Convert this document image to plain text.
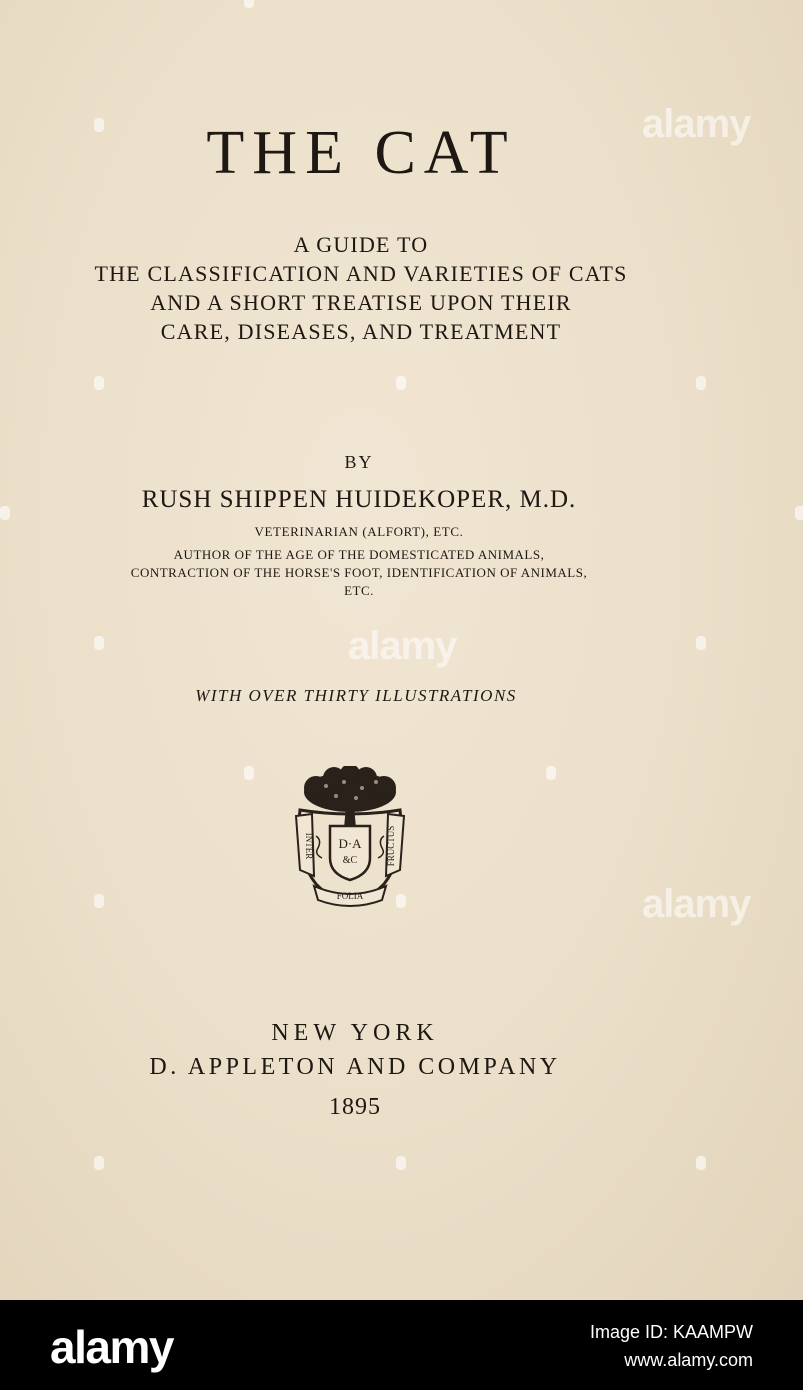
THE CAT
A GUIDE TO
THE CLASSIFICATION AND VARIETIES OF CATS
AND A SHORT TREATISE UPON THEIR
CARE, DISEASES, AND TREATMENT
BY
RUSH SHIPPEN HUIDEKOPER, M.D.
VETERINARIAN (ALFORT), ETC.
AUTHOR OF THE AGE OF THE DOMESTICATED ANIMALS,
CONTRACTION OF THE HORSE'S FOOT, IDENTIFICATION OF ANIMALS,
ETC.
WITH OVER THIRTY ILLUSTRATIONS
D·A
&C
INTER	FRUCTUS
FOLIA
NEW YORK
D. APPLETON AND COMPANY
1895
alamy
alamy
alamy
alamy	Image ID: KAAMPW
www.alamy.com
